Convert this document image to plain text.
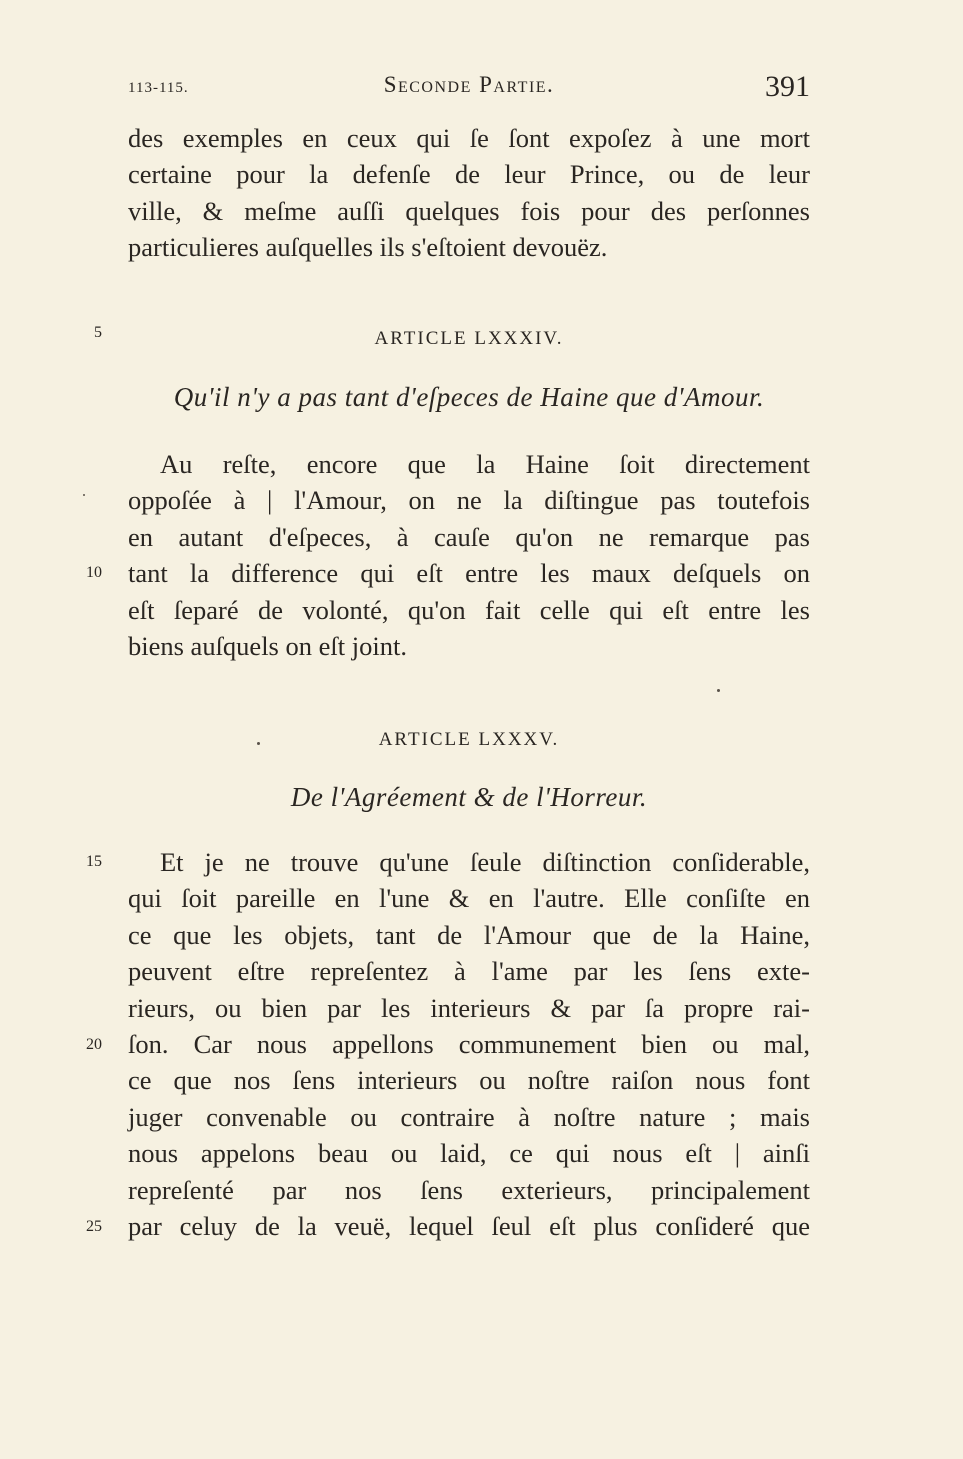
113-115.	Seconde Partie.	391
des exemples en ceux qui ſe ſont expoſez à une mort
certaine pour la defenſe de leur Prince, ou de leur
ville, & meſme auſſi quelques fois pour des perſonnes
particulieres auſquelles ils s'eſtoient devouëz.
ARTICLE LXXXIV.
Qu'il n'y a pas tant d'eſpeces de Haine que d'Amour.
Au reſte, encore que la Haine ſoit directement
oppoſée à | l'Amour, on ne la diſtingue pas toutefois
en autant d'eſpeces, à cauſe qu'on ne remarque pas
tant la difference qui eſt entre les maux deſquels on
eſt ſeparé de volonté, qu'on fait celle qui eſt entre les
biens auſquels on eſt joint.
ARTICLE LXXXV.
De l'Agréement & de l'Horreur.
Et je ne trouve qu'une ſeule diſtinction conſiderable,
qui ſoit pareille en l'une & en l'autre. Elle conſiſte en
ce que les objets, tant de l'Amour que de la Haine,
peuvent eſtre repreſentez à l'ame par les ſens exte-
rieurs, ou bien par les interieurs & par ſa propre rai-
ſon. Car nous appellons communement bien ou mal,
ce que nos ſens interieurs ou noſtre raiſon nous font
juger convenable ou contraire à noſtre nature ; mais
nous appelons beau ou laid, ce qui nous eſt | ainſi
repreſenté par nos ſens exterieurs, principalement
par celuy de la veuë, lequel ſeul eſt plus conſideré que
5
10
15
20
25
